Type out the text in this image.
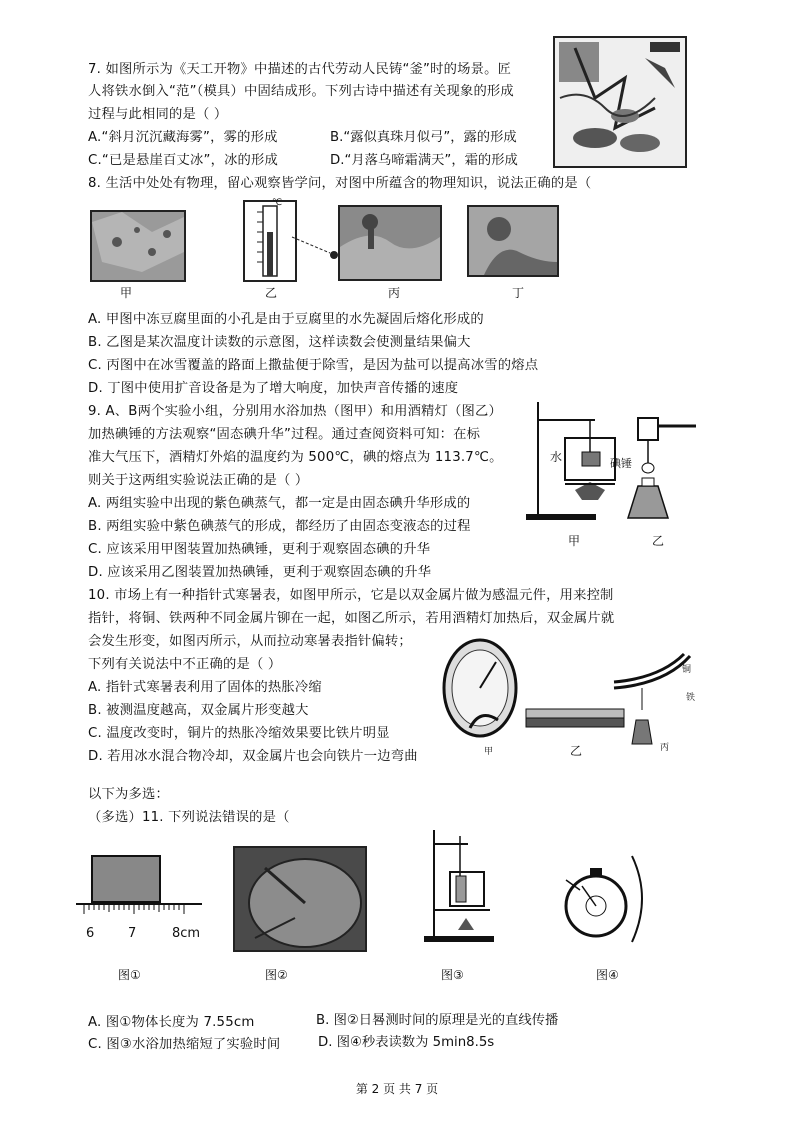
7. 如图所示为《天工开物》中描述的古代劳动人民铸“釜”时的场景。匠
人将铁水倒入“范”（模具）中固结成形。下列古诗中描述有关现象的形成
过程与此相同的是（ ）
A.“斜月沉沉藏海雾”，雾的形成	B.“露似真珠月似弓”，露的形成
C.“已是悬崖百丈冰”，冰的形成	D.“月落乌啼霜满天”，霜的形成
8. 生活中处处有物理，留心观察皆学问，对图中所蕴含的物理知识，说法正确的是（
℃
甲	乙	丙	丁
A. 甲图中冻豆腐里面的小孔是由于豆腐里的水先凝固后熔化形成的
B. 乙图是某次温度计读数的示意图，这样读数会使测量结果偏大
C. 丙图中在冰雪覆盖的路面上撒盐便于除雪，是因为盐可以提高冰雪的熔点
D. 丁图中使用扩音设备是为了增大响度，加快声音传播的速度
9. A、B两个实验小组，分别用水浴加热（图甲）和用酒精灯（图乙）
加热碘锤的方法观察“固态碘升华”过程。通过查阅资料可知：在标
准大气压下，酒精灯外焰的温度约为 500℃，碘的熔点为 113.7℃。
则关于这两组实验说法正确的是（ ）
A. 两组实验中出现的紫色碘蒸气，都一定是由固态碘升华形成的
B. 两组实验中紫色碘蒸气的形成，都经历了由固态变液态的过程
C. 应该采用甲图装置加热碘锤，更利于观察固态碘的升华
D. 应该采用乙图装置加热碘锤，更利于观察固态碘的升华
水	碘锤
甲	乙
10. 市场上有一种指针式寒暑表，如图甲所示，它是以双金属片做为感温元件，用来控制
指针，将铜、铁两种不同金属片铆在一起，如图乙所示，若用酒精灯加热后，双金属片就
会发生形变，如图丙所示，从而拉动寒暑表指针偏转；
下列有关说法中不正确的是（ ）
A. 指针式寒暑表利用了固体的热胀冷缩
B. 被测温度越高，双金属片形变越大
C. 温度改变时，铜片的热胀冷缩效果要比铁片明显
D. 若用冰水混合物冷却，双金属片也会向铁片一边弯曲
铜
铁
甲	乙	丙
以下为多选：
（多选）11. 下列说法错误的是（
6	7	8cm
图①	图②	图③	图④
A. 图①物体长度为 7.55cm	B. 图②日晷测时间的原理是光的直线传播
C. 图③水浴加热缩短了实验时间	D. 图④秒表读数为 5min8.5s
第 2 页 共 7 页
